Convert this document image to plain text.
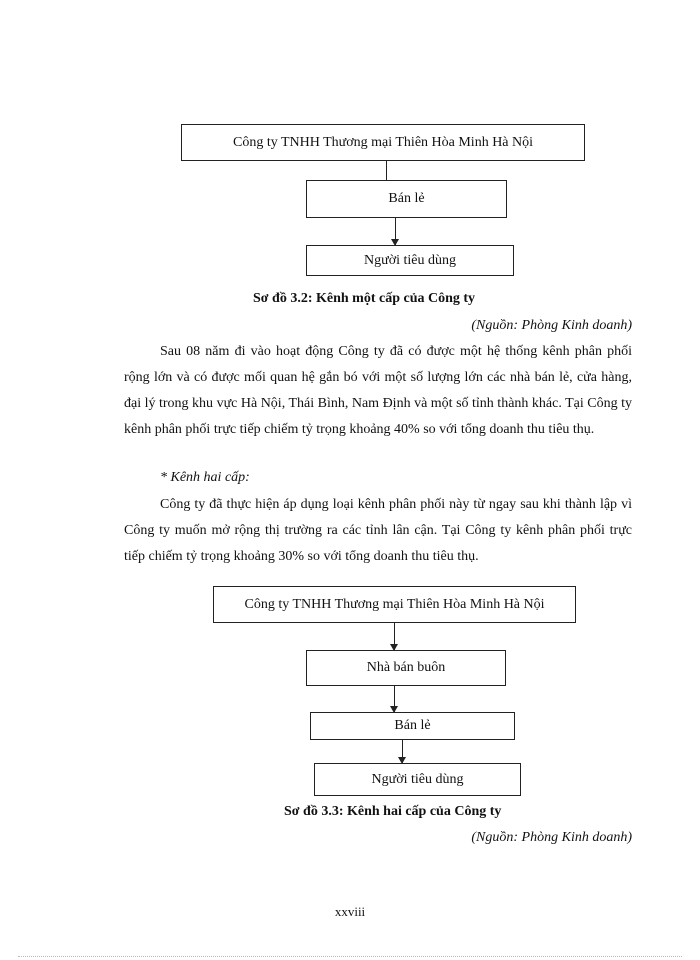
Công ty TNHH Thương mại Thiên Hòa Minh Hà Nội
Bán lẻ
Người tiêu dùng
Sơ đồ 3.2: Kênh một cấp của Công ty
(Nguồn: Phòng Kinh doanh)

Sau 08 năm đi vào hoạt động Công ty đã có được một hệ thống kênh phân phối rộng lớn và có được mối quan hệ gắn bó với một số lượng lớn các nhà bán lẻ, cửa hàng, đại lý trong khu vực Hà Nội, Thái Bình, Nam Định và một số tỉnh thành khác. Tại Công ty kênh phân phối trực tiếp chiếm tỷ trọng khoảng 40% so với tổng doanh thu tiêu thụ.

* Kênh hai cấp:

Công ty đã thực hiện áp dụng loại kênh phân phối này từ ngay sau khi thành lập vì Công ty muốn mở rộng thị trường ra các tỉnh lân cận. Tại Công ty kênh phân phối trực tiếp chiếm tỷ trọng khoảng 30% so với tổng doanh thu tiêu thụ.

Công ty TNHH Thương mại Thiên Hòa Minh Hà Nội
Nhà bán buôn
Bán lẻ
Người tiêu dùng
Sơ đồ 3.3: Kênh hai cấp của Công ty
(Nguồn: Phòng Kinh doanh)
xxviii
